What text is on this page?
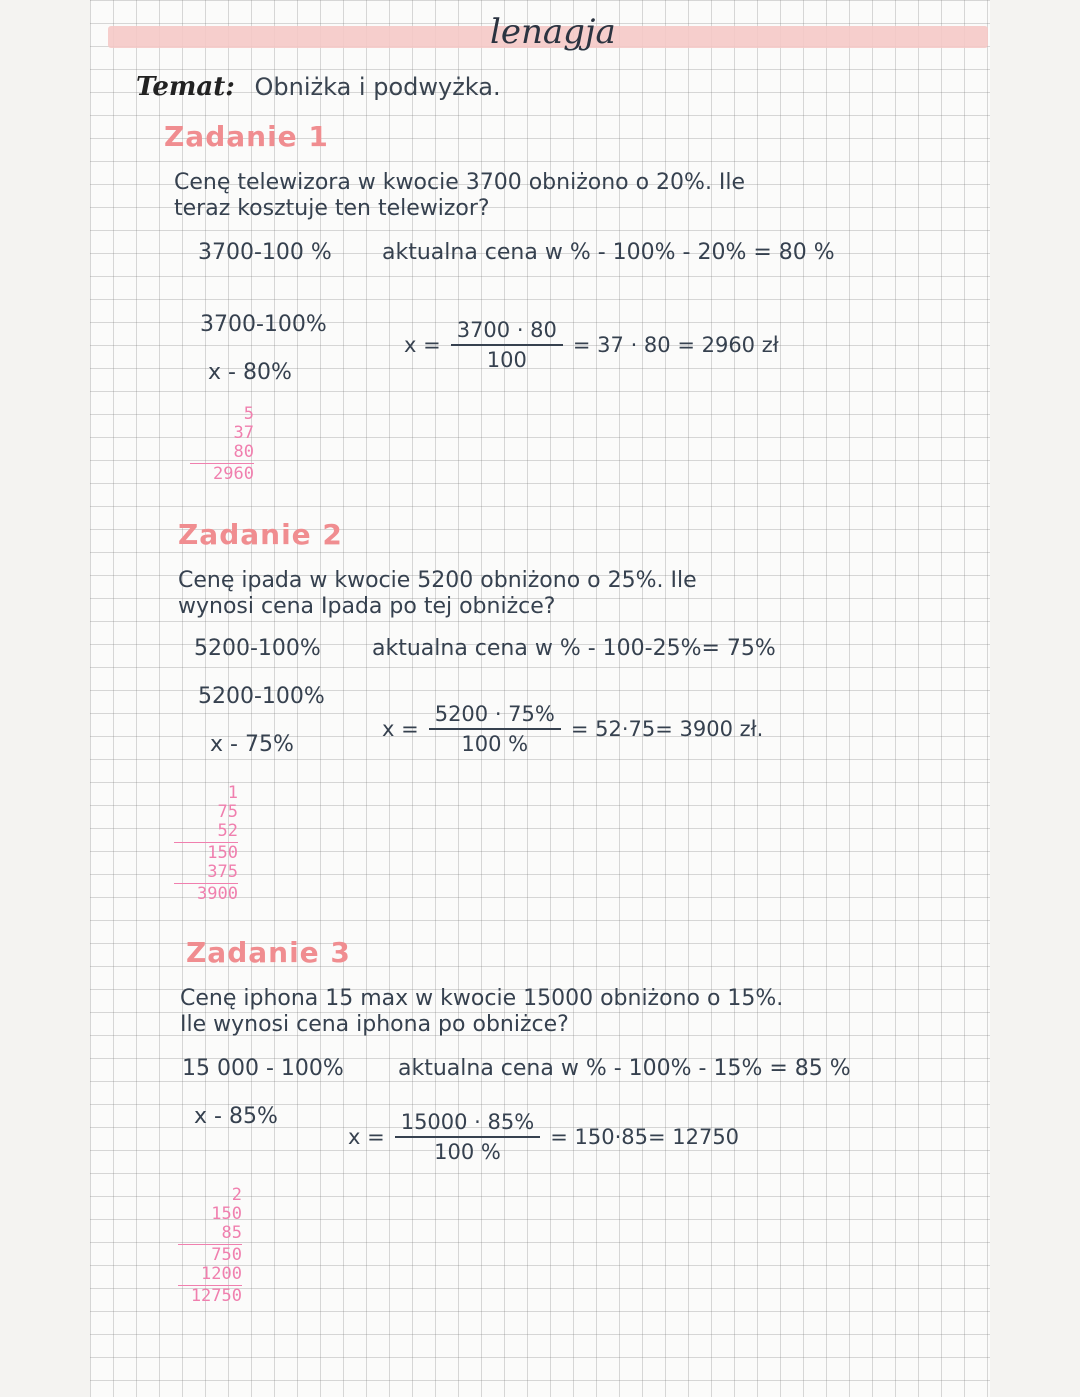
lenagja
Temat: Obniżka i podwyżka.
Zadanie 1
Cenę telewizora w kwocie 3700 obniżono o 20%. Ile
teraz kosztuje ten telewizor?
3700-100 % aktualna cena w % - 100% - 20% = 80 %
3700-100%
x - 80%
$x = \frac{3700 \cdot 80}{100} = 37 \cdot 80 = 2960$ zł
5
37
80
2960
Zadanie 2
Cenę ipada w kwocie 5200 obniżono o 25%. Ile
wynosi cena Ipada po tej obniżce?
5200-100% aktualna cena w % - 100-25%= 75%
5200-100%
x - 75%
$x = \frac{5200 \cdot 75\%}{100 \%} = 52\cdot 75= 3900$ zł.
1
75
52
150
375
3900
Zadanie 3
Cenę iphona 15 max w kwocie 15000 obniżono o 15%.
Ile wynosi cena iphona po obniżce?
15 000 - 100% aktualna cena w % - 100% - 15% = 85 %
x - 85%
$x = \frac{15000 \cdot 85\%}{100 \%} = 150\cdot 85= 12750$
2
150
85
750
1200
12750
